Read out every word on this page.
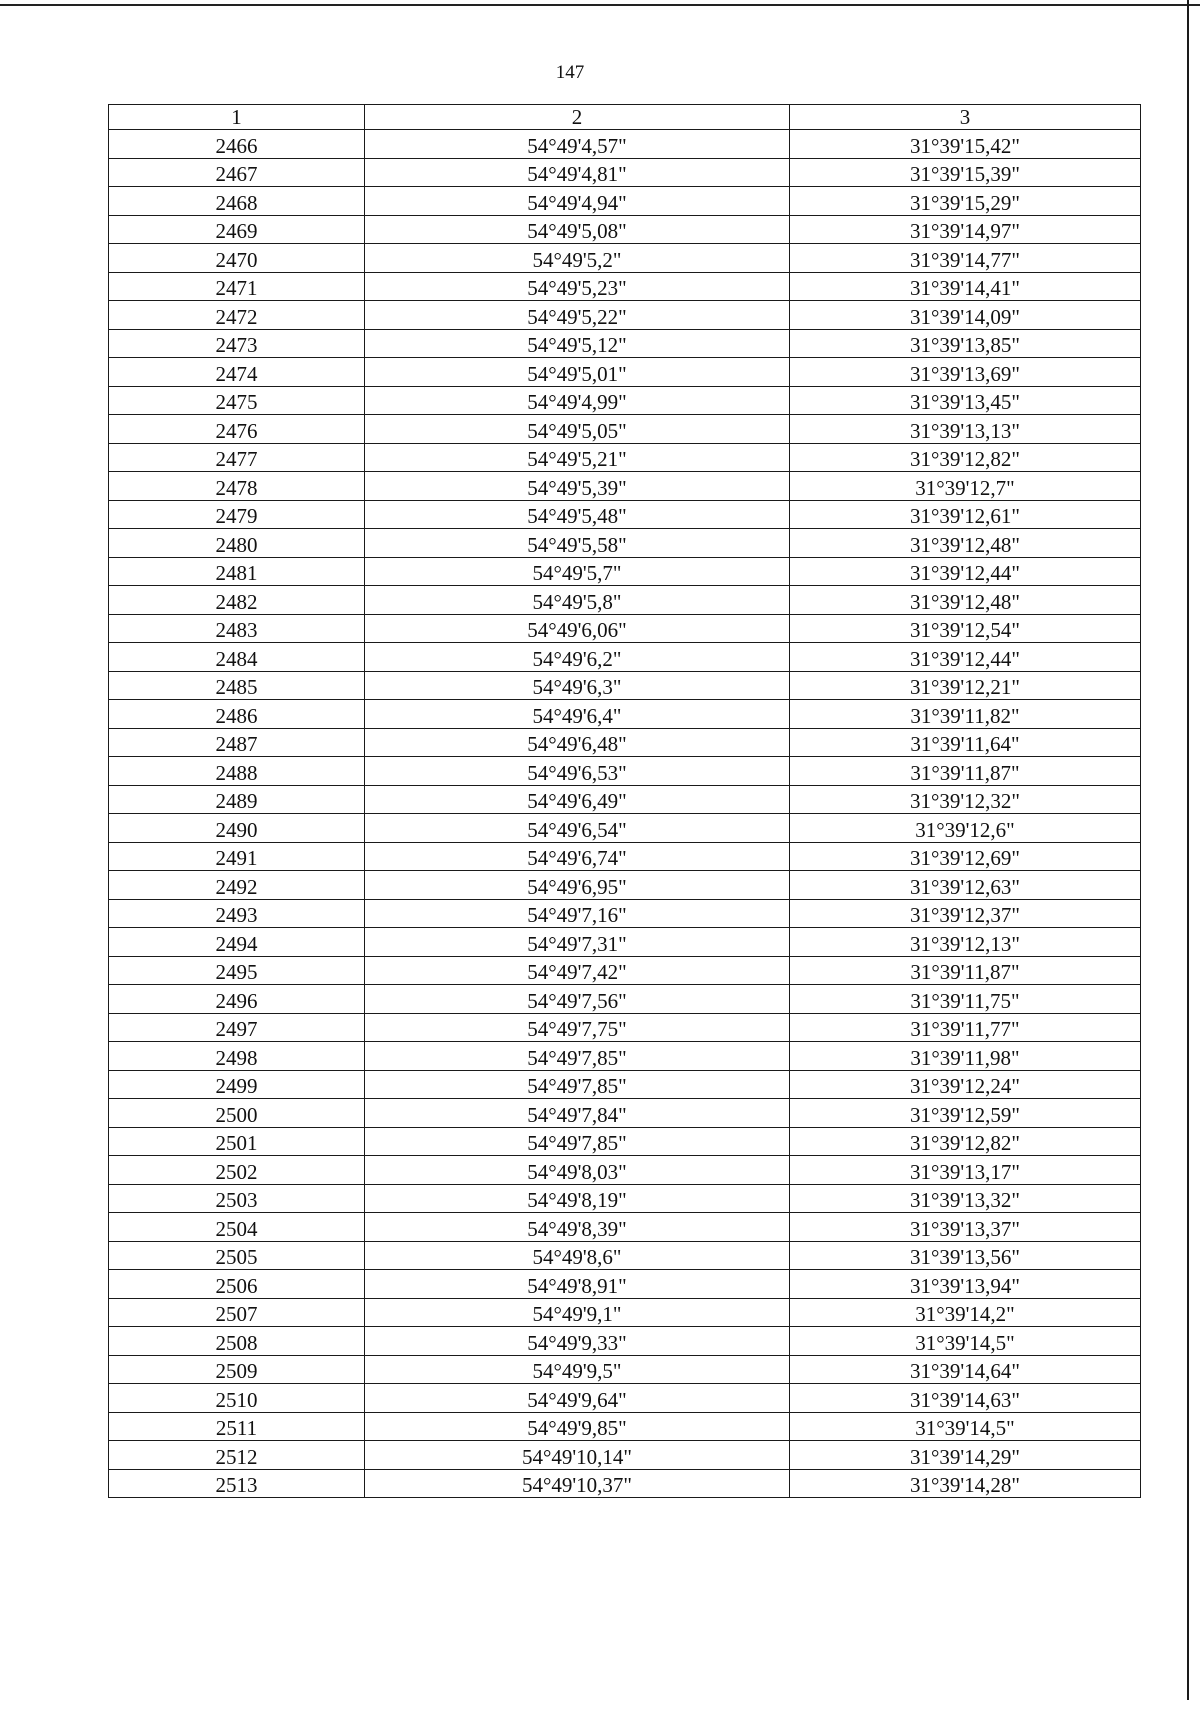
147
1	2	3
2466	54°49'4,57"	31°39'15,42"
2467	54°49'4,81"	31°39'15,39"
2468	54°49'4,94"	31°39'15,29"
2469	54°49'5,08"	31°39'14,97"
2470	54°49'5,2"	31°39'14,77"
2471	54°49'5,23"	31°39'14,41"
2472	54°49'5,22"	31°39'14,09"
2473	54°49'5,12"	31°39'13,85"
2474	54°49'5,01"	31°39'13,69"
2475	54°49'4,99"	31°39'13,45"
2476	54°49'5,05"	31°39'13,13"
2477	54°49'5,21"	31°39'12,82"
2478	54°49'5,39"	31°39'12,7"
2479	54°49'5,48"	31°39'12,61"
2480	54°49'5,58"	31°39'12,48"
2481	54°49'5,7"	31°39'12,44"
2482	54°49'5,8"	31°39'12,48"
2483	54°49'6,06"	31°39'12,54"
2484	54°49'6,2"	31°39'12,44"
2485	54°49'6,3"	31°39'12,21"
2486	54°49'6,4"	31°39'11,82"
2487	54°49'6,48"	31°39'11,64"
2488	54°49'6,53"	31°39'11,87"
2489	54°49'6,49"	31°39'12,32"
2490	54°49'6,54"	31°39'12,6"
2491	54°49'6,74"	31°39'12,69"
2492	54°49'6,95"	31°39'12,63"
2493	54°49'7,16"	31°39'12,37"
2494	54°49'7,31"	31°39'12,13"
2495	54°49'7,42"	31°39'11,87"
2496	54°49'7,56"	31°39'11,75"
2497	54°49'7,75"	31°39'11,77"
2498	54°49'7,85"	31°39'11,98"
2499	54°49'7,85"	31°39'12,24"
2500	54°49'7,84"	31°39'12,59"
2501	54°49'7,85"	31°39'12,82"
2502	54°49'8,03"	31°39'13,17"
2503	54°49'8,19"	31°39'13,32"
2504	54°49'8,39"	31°39'13,37"
2505	54°49'8,6"	31°39'13,56"
2506	54°49'8,91"	31°39'13,94"
2507	54°49'9,1"	31°39'14,2"
2508	54°49'9,33"	31°39'14,5"
2509	54°49'9,5"	31°39'14,64"
2510	54°49'9,64"	31°39'14,63"
2511	54°49'9,85"	31°39'14,5"
2512	54°49'10,14"	31°39'14,29"
2513	54°49'10,37"	31°39'14,28"
